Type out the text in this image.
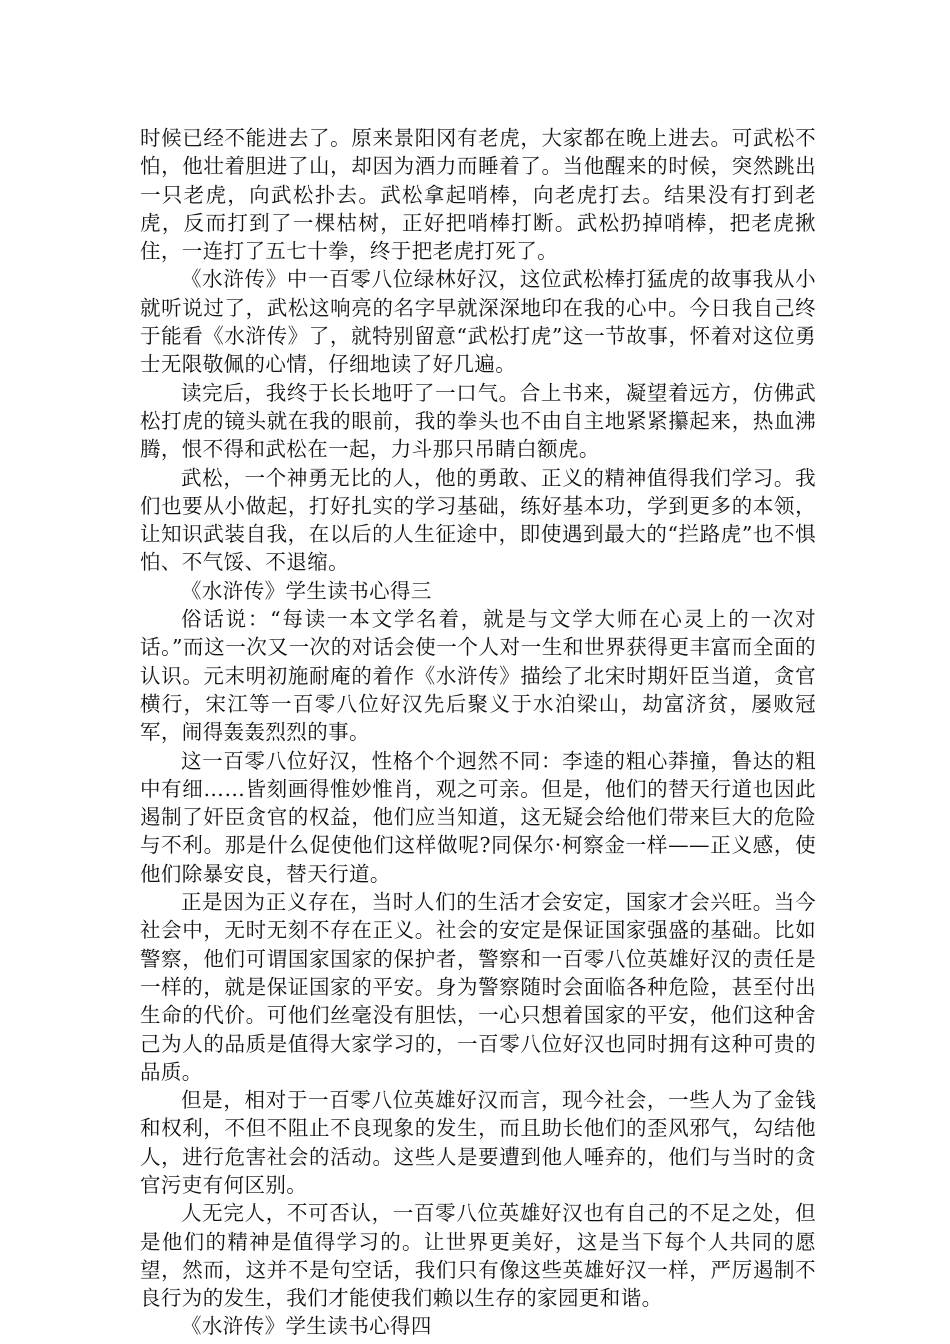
时候已经不能进去了。原来景阳冈有老虎，大家都在晚上进去。可武松不怕，他壮着胆进了山，却因为酒力而睡着了。当他醒来的时候，突然跳出一只老虎，向武松扑去。武松拿起哨棒，向老虎打去。结果没有打到老虎，反而打到了一棵枯树，正好把哨棒打断。武松扔掉哨棒，把老虎揪住，一连打了五七十拳，终于把老虎打死了。

《水浒传》中一百零八位绿林好汉，这位武松棒打猛虎的故事我从小就听说过了，武松这响亮的名字早就深深地印在我的心中。今日我自己终于能看《水浒传》了，就特别留意“武松打虎”这一节故事，怀着对这位勇士无限敬佩的心情，仔细地读了好几遍。

读完后，我终于长长地吁了一口气。合上书来，凝望着远方，仿佛武松打虎的镜头就在我的眼前，我的拳头也不由自主地紧紧攥起来，热血沸腾，恨不得和武松在一起，力斗那只吊睛白额虎。

武松，一个神勇无比的人，他的勇敢、正义的精神值得我们学习。我们也要从小做起，打好扎实的学习基础，练好基本功，学到更多的本领，让知识武装自我，在以后的人生征途中，即使遇到最大的“拦路虎”也不惧怕、不气馁、不退缩。

《水浒传》学生读书心得三

俗话说：“每读一本文学名着，就是与文学大师在心灵上的一次对话。”而这一次又一次的对话会使一个人对一生和世界获得更丰富而全面的认识。元末明初施耐庵的着作《水浒传》描绘了北宋时期奸臣当道，贪官横行，宋江等一百零八位好汉先后聚义于水泊梁山，劫富济贫，屡败冠军，闹得轰轰烈烈的事。

这一百零八位好汉，性格个个迥然不同：李逵的粗心莽撞，鲁达的粗中有细……皆刻画得惟妙惟肖，观之可亲。但是，他们的替天行道也因此遏制了奸臣贪官的权益，他们应当知道，这无疑会给他们带来巨大的危险与不利。那是什么促使他们这样做呢?同保尔·柯察金一样——正义感，使他们除暴安良，替天行道。

正是因为正义存在，当时人们的生活才会安定，国家才会兴旺。当今社会中，无时无刻不存在正义。社会的安定是保证国家强盛的基础。比如警察，他们可谓国家国家的保护者，警察和一百零八位英雄好汉的责任是一样的，就是保证国家的平安。身为警察随时会面临各种危险，甚至付出生命的代价。可他们丝毫没有胆怯，一心只想着国家的平安，他们这种舍己为人的品质是值得大家学习的，一百零八位好汉也同时拥有这种可贵的品质。

但是，相对于一百零八位英雄好汉而言，现今社会，一些人为了金钱和权利，不但不阻止不良现象的发生，而且助长他们的歪风邪气，勾结他人，进行危害社会的活动。这些人是要遭到他人唾弃的，他们与当时的贪官污吏有何区别。

人无完人，不可否认，一百零八位英雄好汉也有自己的不足之处，但是他们的精神是值得学习的。让世界更美好，这是当下每个人共同的愿望，然而，这并不是句空话，我们只有像这些英雄好汉一样，严厉遏制不良行为的发生，我们才能使我们赖以生存的家园更和谐。

《水浒传》学生读书心得四
